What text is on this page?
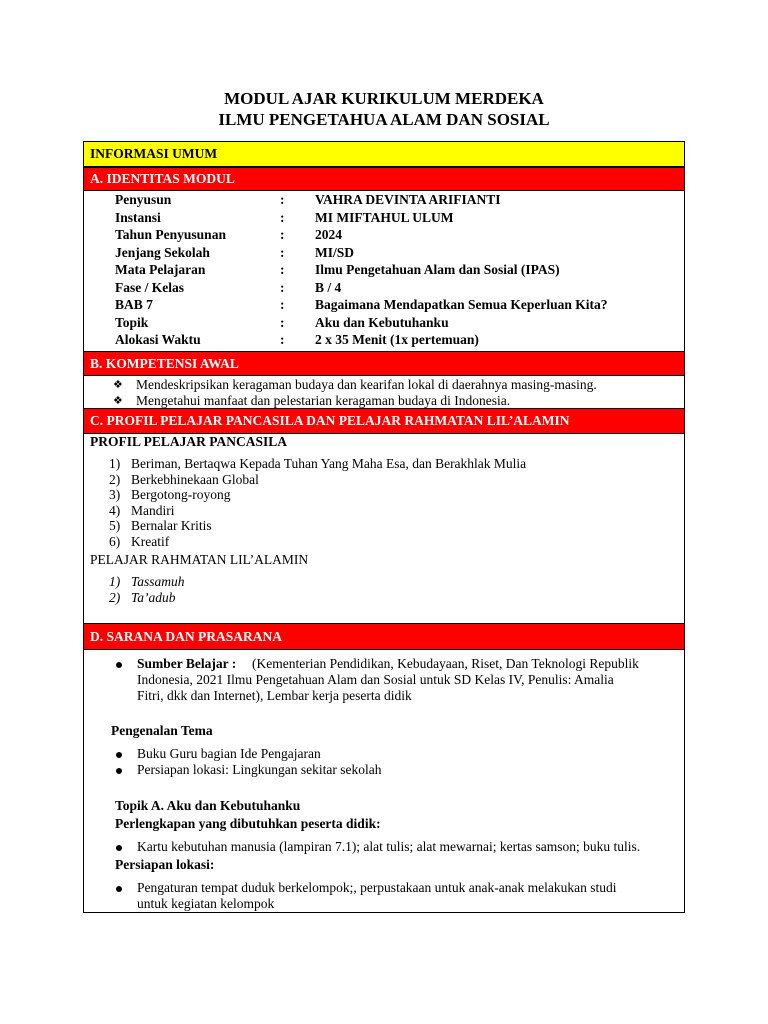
MODUL AJAR KURIKULUM MERDEKA
ILMU PENGETAHUA ALAM DAN SOSIAL
INFORMASI UMUM
A. IDENTITAS MODUL
Penyusun	: VAHRA DEVINTA ARIFIANTI
Instansi	: MI MIFTAHUL ULUM
Tahun Penyusunan	: 2024
Jenjang Sekolah	: MI/SD
Mata Pelajaran	: Ilmu Pengetahuan Alam dan Sosial (IPAS)
Fase / Kelas	: B / 4
BAB 7	: Bagaimana Mendapatkan Semua Keperluan Kita?
Topik	: Aku dan Kebutuhanku
Alokasi Waktu	: 2 x 35 Menit (1x pertemuan)
B. KOMPETENSI AWAL
❖ Mendeskripsikan keragaman budaya dan kearifan lokal di daerahnya masing-masing.
❖ Mengetahui manfaat dan pelestarian keragaman budaya di Indonesia.
C. PROFIL PELAJAR PANCASILA DAN PELAJAR RAHMATAN LIL’ALAMIN
PROFIL PELAJAR PANCASILA
1) Beriman, Bertaqwa Kepada Tuhan Yang Maha Esa, dan Berakhlak Mulia
2) Berkebhinekaan Global
3) Bergotong-royong
4) Mandiri
5) Bernalar Kritis
6) Kreatif
PELAJAR RAHMATAN LIL’ALAMIN
1) Tassamuh
2) Ta’adub
D. SARANA DAN PRASARANA
Sumber Belajar : (Kementerian Pendidikan, Kebudayaan, Riset, Dan Teknologi Republik
Indonesia, 2021 Ilmu Pengetahuan Alam dan Sosial untuk SD Kelas IV, Penulis: Amalia
Fitri, dkk dan Internet), Lembar kerja peserta didik
Pengenalan Tema
Buku Guru bagian Ide Pengajaran
Persiapan lokasi: Lingkungan sekitar sekolah
Topik A. Aku dan Kebutuhanku
Perlengkapan yang dibutuhkan peserta didik:
Kartu kebutuhan manusia (lampiran 7.1); alat tulis; alat mewarnai; kertas samson; buku tulis.
Persiapan lokasi:
Pengaturan tempat duduk berkelompok;, perpustakaan untuk anak-anak melakukan studi
untuk kegiatan kelompok
